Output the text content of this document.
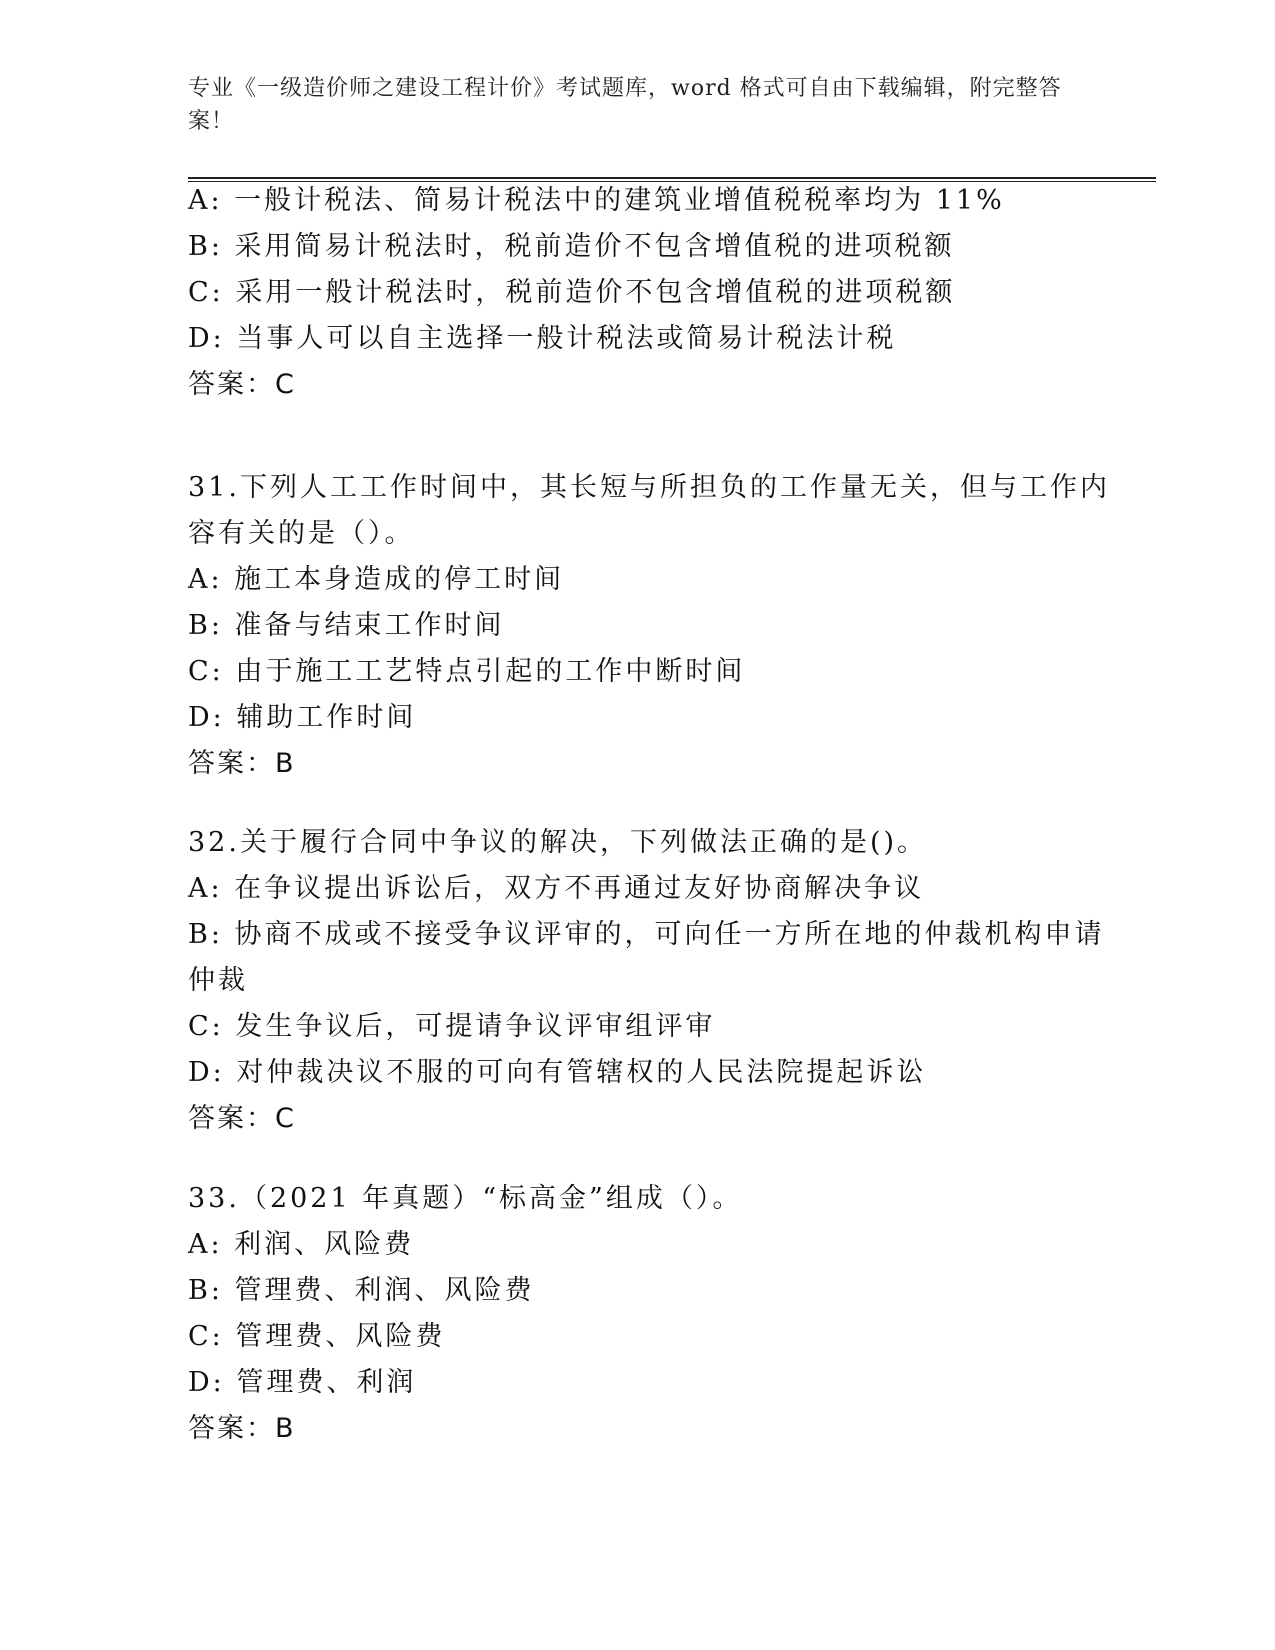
专业《一级造价师之建设工程计价》考试题库，word 格式可自由下载编辑，附完整答案！
A: 一般计税法、简易计税法中的建筑业增值税税率均为 11%
B: 采用简易计税法时，税前造价不包含增值税的进项税额
C: 采用一般计税法时，税前造价不包含增值税的进项税额
D: 当事人可以自主选择一般计税法或简易计税法计税
答案：C
31.下列人工工作时间中，其长短与所担负的工作量无关，但与工作内
容有关的是（）。
A: 施工本身造成的停工时间
B: 准备与结束工作时间
C: 由于施工工艺特点引起的工作中断时间
D: 辅助工作时间
答案：B
32.关于履行合同中争议的解决，下列做法正确的是()。
A: 在争议提出诉讼后，双方不再通过友好协商解决争议
B: 协商不成或不接受争议评审的，可向任一方所在地的仲裁机构申请
仲裁
C: 发生争议后，可提请争议评审组评审
D: 对仲裁决议不服的可向有管辖权的人民法院提起诉讼
答案：C
33.（2021 年真题）“标高金”组成（）。
A: 利润、风险费
B: 管理费、利润、风险费
C: 管理费、风险费
D: 管理费、利润
答案：B
